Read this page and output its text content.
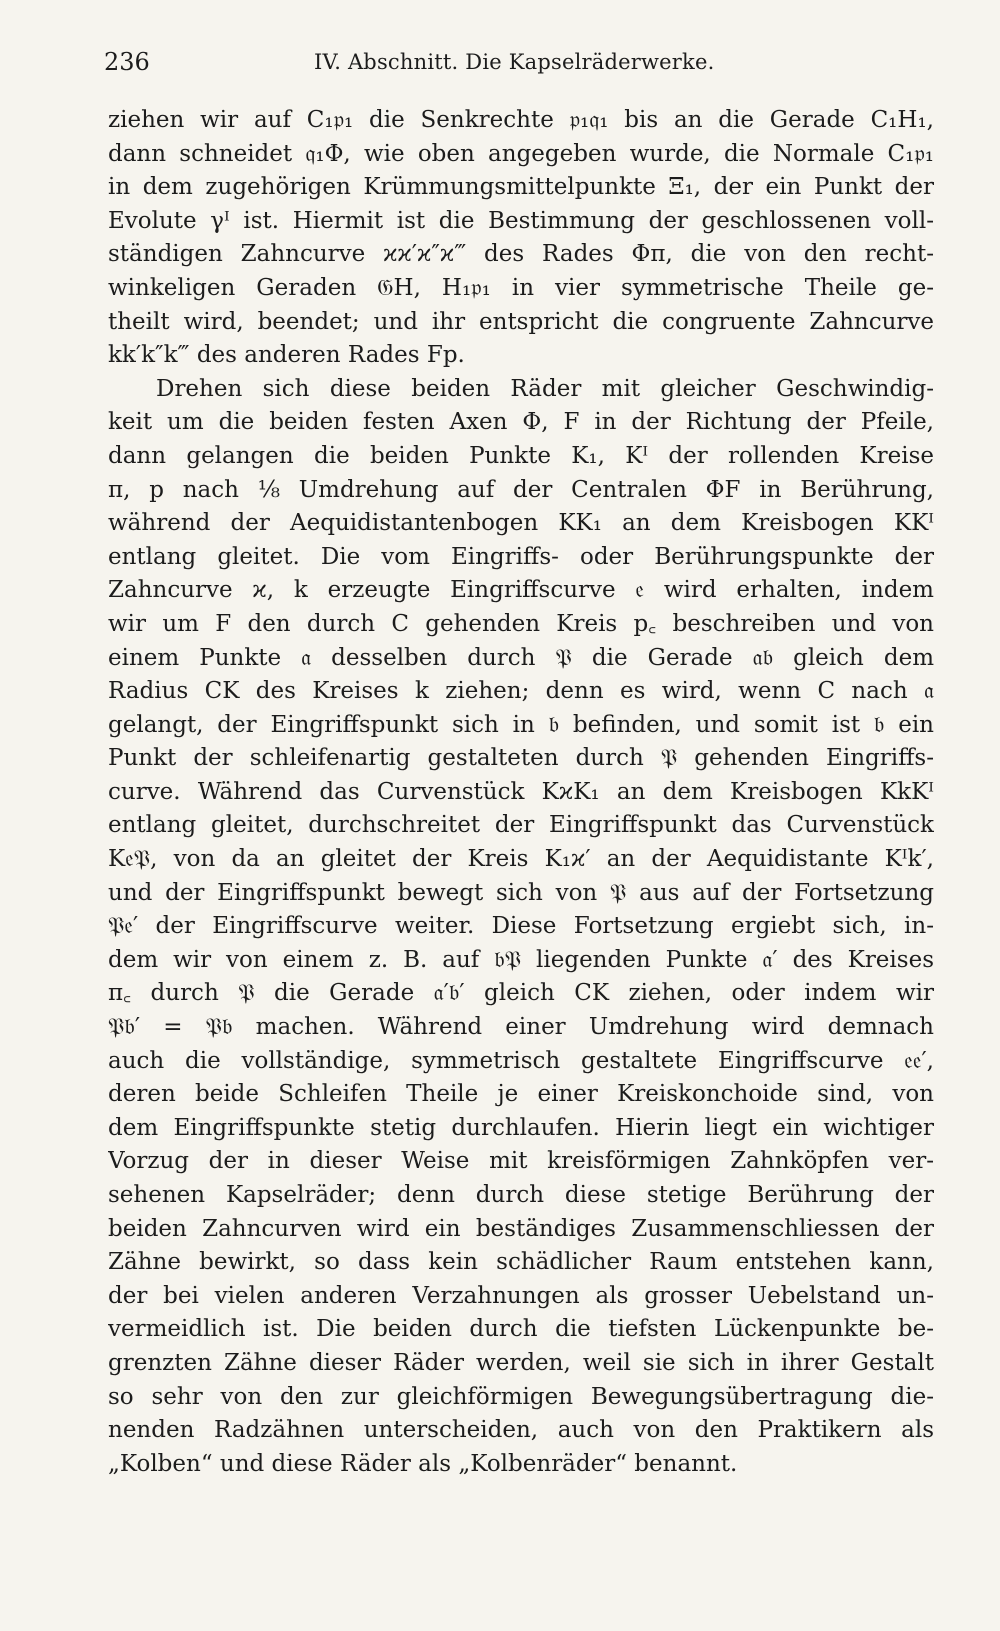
236	IV. Abschnitt. Die Kapselräderwerke.
ziehen wir auf C₁𝔭₁ die Senkrechte 𝔭₁𝔮₁ bis an die Gerade C₁H₁,
dann schneidet 𝔮₁Φ, wie oben angegeben wurde, die Normale C₁𝔭₁
in dem zugehörigen Krümmungsmittelpunkte Ξ₁, der ein Punkt der
Evolute γᴵ ist. Hiermit ist die Bestimmung der geschlossenen voll-
ständigen Zahncurve ϰϰ′ϰ″ϰ‴ des Rades Φπ, die von den recht-
winkeligen Geraden 𝔊H, H₁𝔭₁ in vier symmetrische Theile ge-
theilt wird, beendet; und ihr entspricht die congruente Zahncurve
kk′k″k‴ des anderen Rades Fp.
Drehen sich diese beiden Räder mit gleicher Geschwindig-
keit um die beiden festen Axen Φ, F in der Richtung der Pfeile,
dann gelangen die beiden Punkte K₁, Kᴵ der rollenden Kreise
π, p nach ⅛ Umdrehung auf der Centralen ΦF in Berührung,
während der Aequidistantenbogen KK₁ an dem Kreisbogen KKᴵ
entlang gleitet. Die vom Eingriffs- oder Berührungspunkte der
Zahncurve ϰ, k erzeugte Eingriffscurve 𝔢 wird erhalten, indem
wir um F den durch C gehenden Kreis p꜀ beschreiben und von
einem Punkte 𝔞 desselben durch 𝔓 die Gerade 𝔞𝔟 gleich dem
Radius CK des Kreises k ziehen; denn es wird, wenn C nach 𝔞
gelangt, der Eingriffspunkt sich in 𝔟 befinden, und somit ist 𝔟 ein
Punkt der schleifenartig gestalteten durch 𝔓 gehenden Eingriffs-
curve. Während das Curvenstück KϰK₁ an dem Kreisbogen KkKᴵ
entlang gleitet, durchschreitet der Eingriffspunkt das Curvenstück
K𝔢𝔓, von da an gleitet der Kreis K₁ϰ′ an der Aequidistante Kᴵk′,
und der Eingriffspunkt bewegt sich von 𝔓 aus auf der Fortsetzung
𝔓𝔢′ der Eingriffscurve weiter. Diese Fortsetzung ergiebt sich, in-
dem wir von einem z. B. auf 𝔟𝔓 liegenden Punkte 𝔞′ des Kreises
π꜀ durch 𝔓 die Gerade 𝔞′𝔟′ gleich CK ziehen, oder indem wir
𝔓𝔟′ = 𝔓𝔟 machen. Während einer Umdrehung wird demnach
auch die vollständige, symmetrisch gestaltete Eingriffscurve 𝔢𝔢′,
deren beide Schleifen Theile je einer Kreiskonchoide sind, von
dem Eingriffspunkte stetig durchlaufen. Hierin liegt ein wichtiger
Vorzug der in dieser Weise mit kreisförmigen Zahnköpfen ver-
sehenen Kapselräder; denn durch diese stetige Berührung der
beiden Zahncurven wird ein beständiges Zusammenschliessen der
Zähne bewirkt, so dass kein schädlicher Raum entstehen kann,
der bei vielen anderen Verzahnungen als grosser Uebelstand un-
vermeidlich ist. Die beiden durch die tiefsten Lückenpunkte be-
grenzten Zähne dieser Räder werden, weil sie sich in ihrer Gestalt
so sehr von den zur gleichförmigen Bewegungsübertragung die-
nenden Radzähnen unterscheiden, auch von den Praktikern als
„Kolben“ und diese Räder als „Kolbenräder“ benannt.
